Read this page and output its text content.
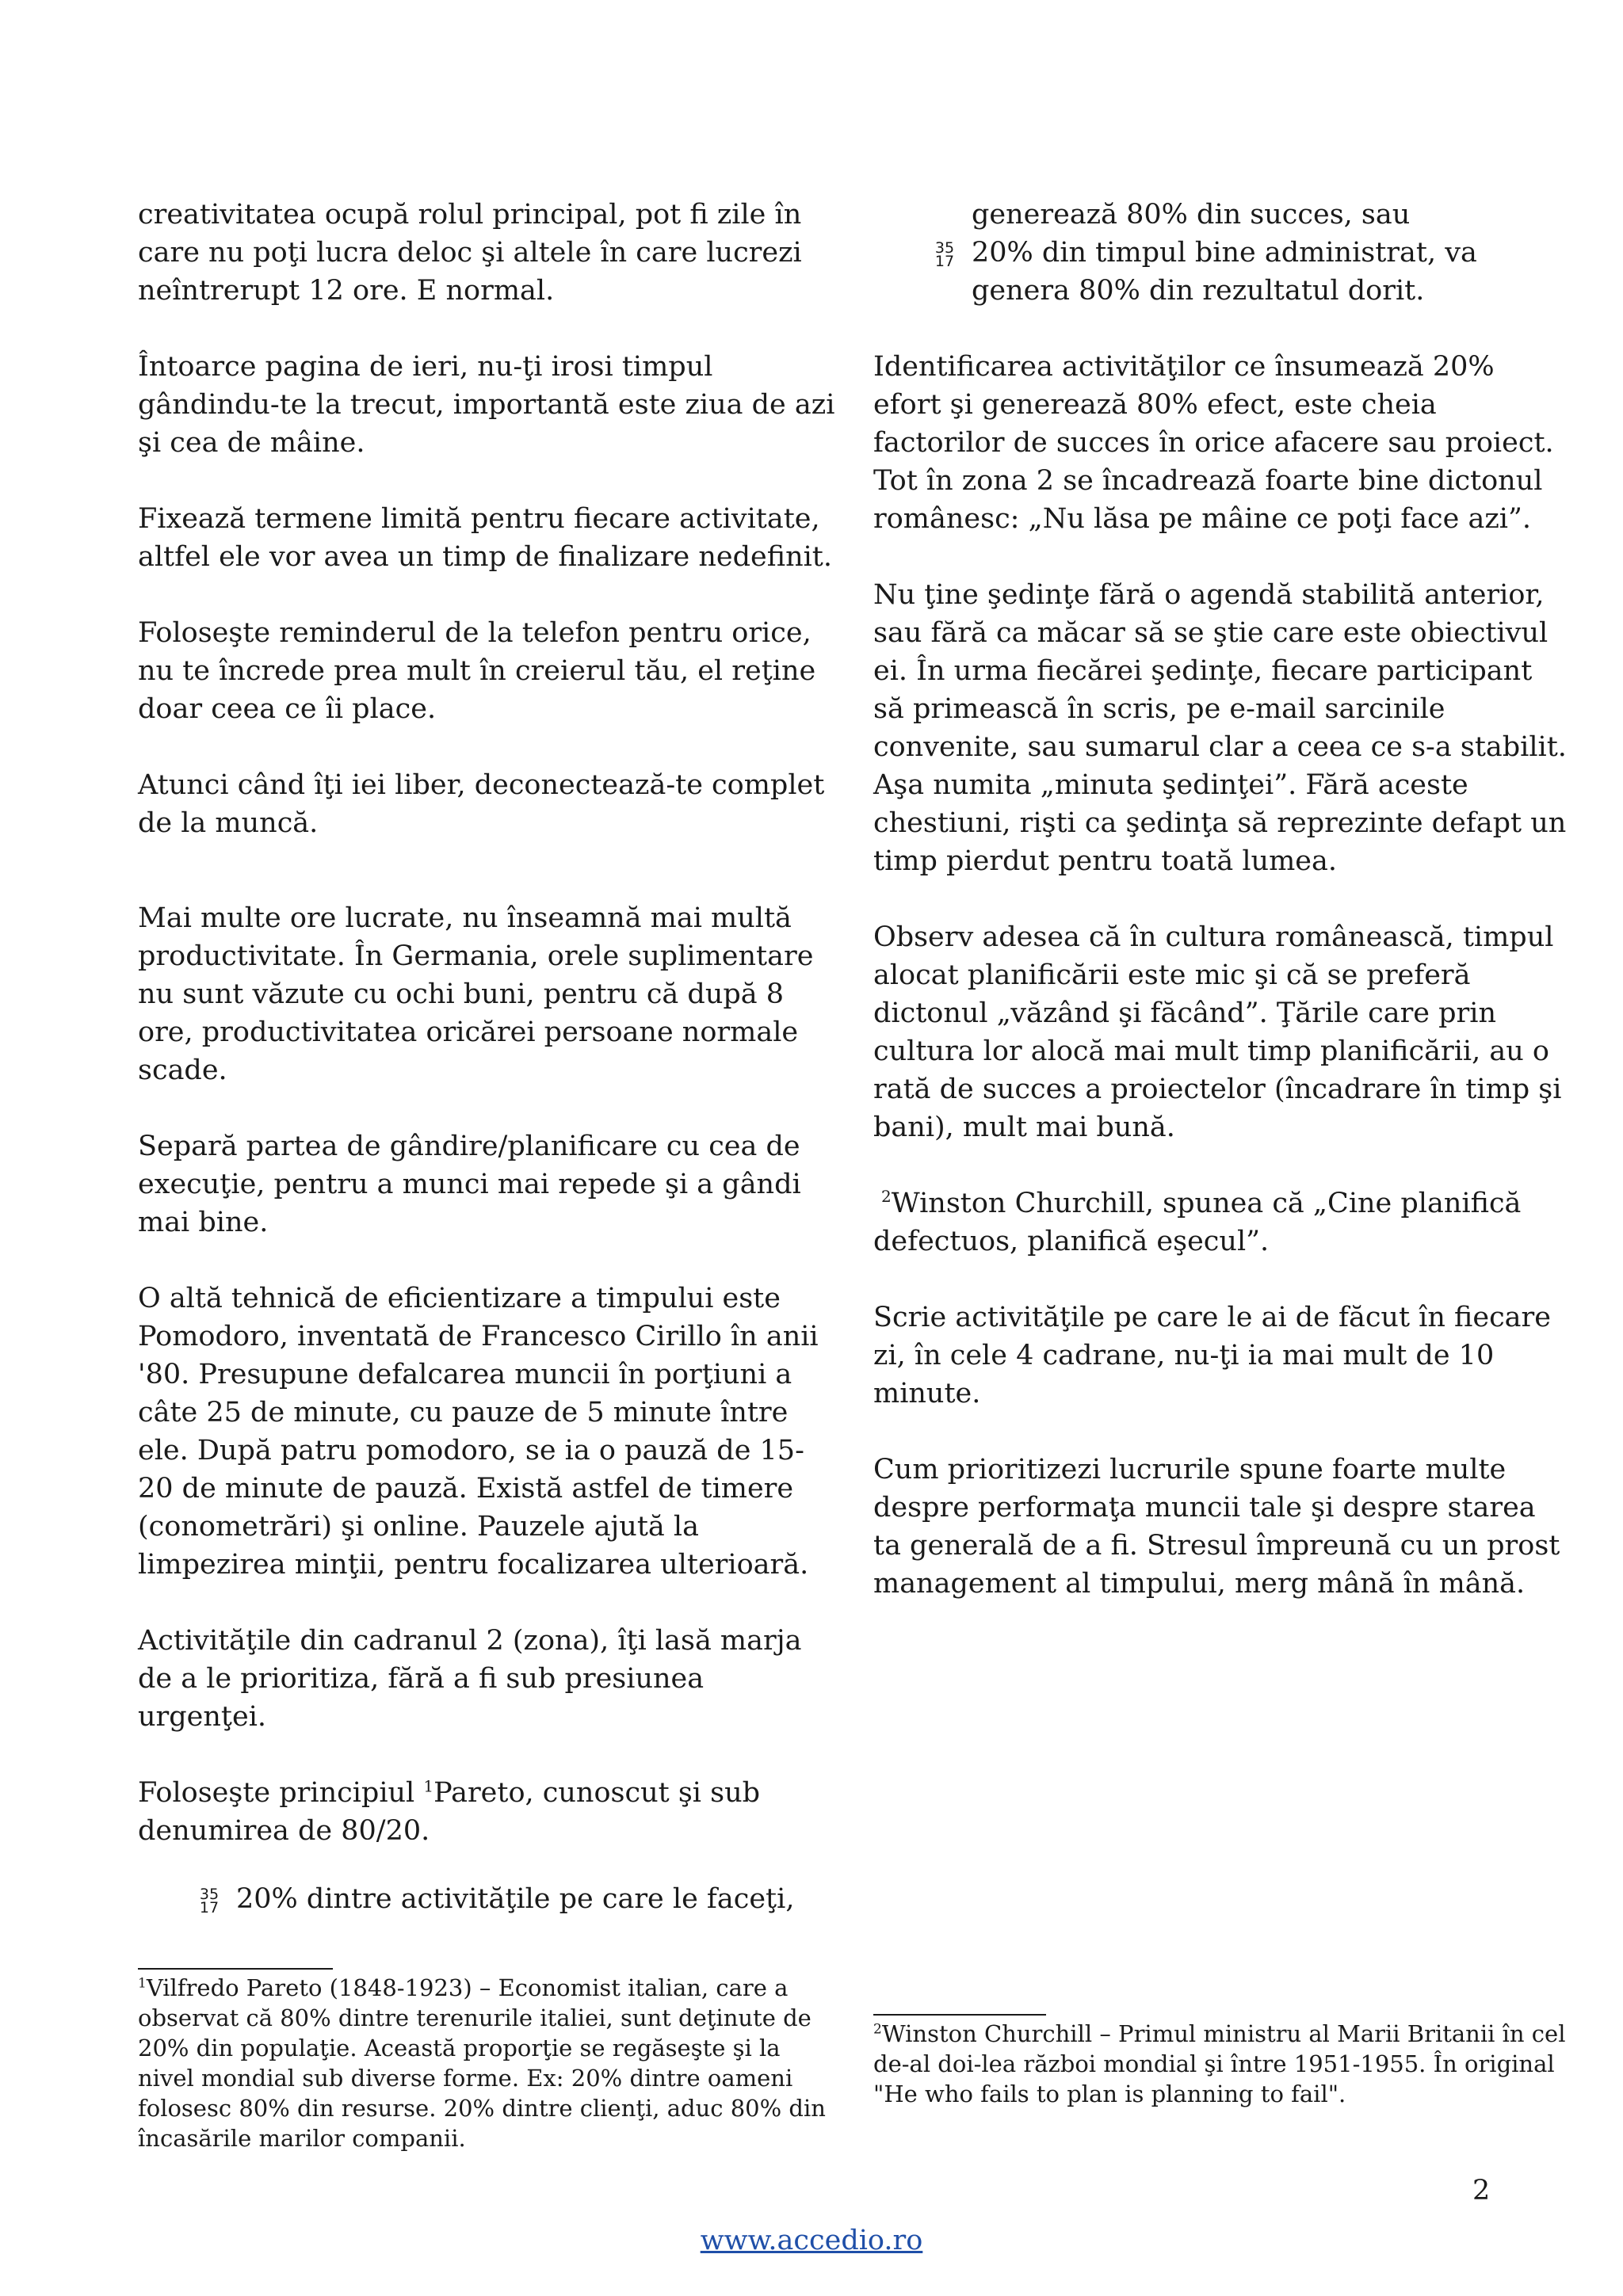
creativitatea ocupă rolul principal, pot fi zile în care nu poţi lucra deloc şi altele în care lucrezi neîntrerupt 12 ore. E normal.

Întoarce pagina de ieri, nu-ţi irosi timpul gândindu-te la trecut, importantă este ziua de azi şi cea de mâine.

Fixează termene limită pentru fiecare activitate, altfel ele vor avea un timp de finalizare nedefinit.

Foloseşte reminderul de la telefon pentru orice, nu te încrede prea mult în creierul tău, el reţine doar ceea ce îi place.

Atunci când îţi iei liber, deconectează-te complet de la muncă.

Mai multe ore lucrate, nu înseamnă mai multă productivitate. În Germania, orele suplimentare nu sunt văzute cu ochi buni, pentru că după 8 ore, productivitatea oricărei persoane normale scade.

Separă partea de gândire/planificare cu cea de execuţie, pentru a munci mai repede şi a gândi mai bine.

O altă tehnică de eficientizare a timpului este Pomodoro, inventată de Francesco Cirillo în anii '80. Presupune defalcarea muncii în porţiuni a câte 25 de minute, cu pauze de 5 minute între ele. După patru pomodoro, se ia o pauză de 15-20 de minute de pauză. Există astfel de timere (conometrări) şi online. Pauzele ajută la limpezirea minţii, pentru focalizarea ulterioară.

Activităţile din cadranul 2 (zona), îţi lasă marja de a le prioritiza, fără a fi sub presiunea urgenţei.

Foloseşte principiul $^1$Pareto, cunoscut şi sub denumirea de 80/20.

35
17 20% dintre activităţile pe care le faceţi,
generează 80% din succes, sau
35
17 20% din timpul bine administrat, va
genera 80% din rezultatul dorit.

Identificarea activităţilor ce însumează 20% efort şi generează 80% efect, este cheia factorilor de succes în orice afacere sau proiect.
Tot în zona 2 se încadrează foarte bine dictonul românesc: „Nu lăsa pe mâine ce poţi face azi”.

Nu ţine şedinţe fără o agendă stabilită anterior, sau fără ca măcar să se ştie care este obiectivul ei. În urma fiecărei şedinţe, fiecare participant să primească în scris, pe e-mail sarcinile convenite, sau sumarul clar a ceea ce s-a stabilit. Aşa numita „minuta şedinţei”. Fără aceste chestiuni, rişti ca şedinţa să reprezinte defapt un timp pierdut pentru toată lumea.

Observ adesea că în cultura românească, timpul alocat planificării este mic şi că se preferă dictonul „văzând şi făcând”. Ţările care prin cultura lor alocă mai mult timp planificării, au o rată de succes a proiectelor (încadrare în timp şi bani), mult mai bună.

$^2$Winston Churchill, spunea că „Cine planifică defectuos, planifică eşecul”.

Scrie activităţile pe care le ai de făcut în fiecare zi, în cele 4 cadrane, nu-ţi ia mai mult de 10 minute.

Cum prioritizezi lucrurile spune foarte multe despre performaţa muncii tale şi despre starea ta generală de a fi. Stresul împreună cu un prost management al timpului, merg mână în mână.

$^1$Vilfredo Pareto (1848-1923) – Economist italian, care a observat că 80% dintre terenurile italiei, sunt deţinute de 20% din populaţie. Această proporţie se regăseşte şi la nivel mondial sub diverse forme. Ex: 20% dintre oameni folosesc 80% din resurse. 20% dintre clienţi, aduc 80% din încasările marilor companii.
$^2$Winston Churchill – Primul ministru al Marii Britanii în cel de-al doi-lea război mondial şi între 1951-1955. În original "He who fails to plan is planning to fail".
2
www.accedio.ro
